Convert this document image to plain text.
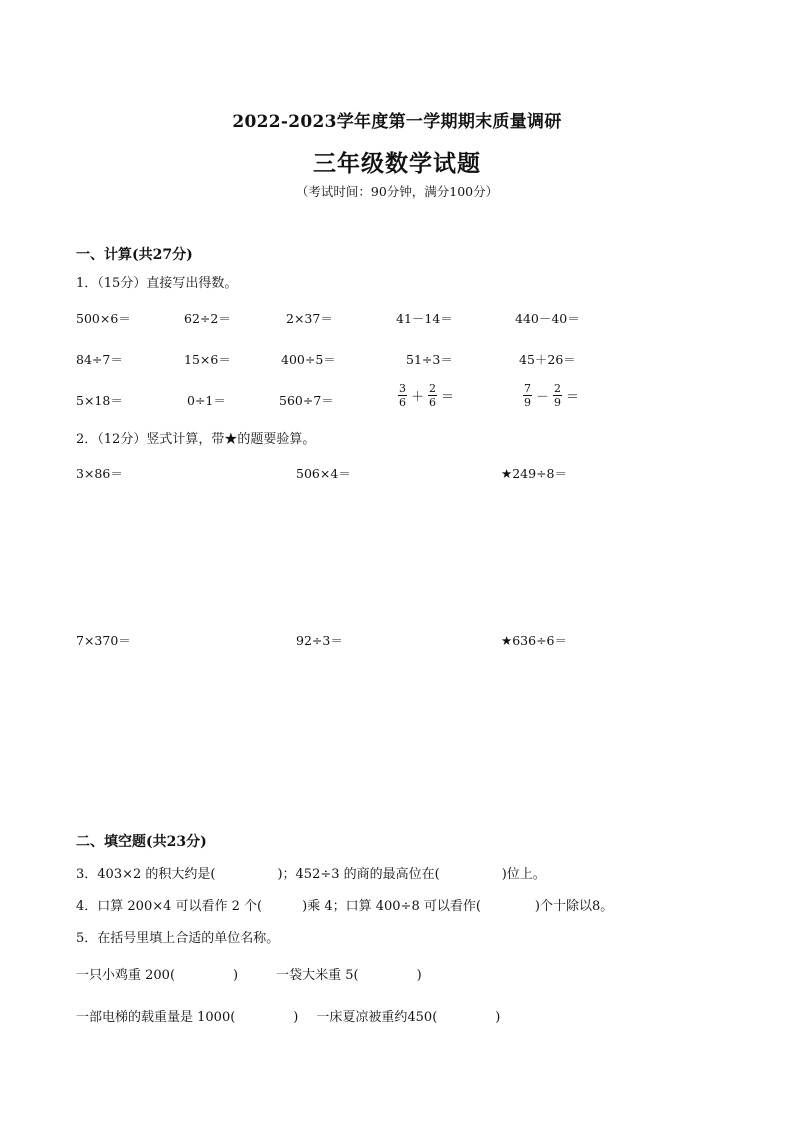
2022-2023学年度第一学期期末质量调研
三年级数学试题
（考试时间：90分钟，满分100分）
一、计算(共27分)
1．（15分）直接写出得数。
500×6＝	62÷2＝	2×37＝	41－14＝	440－40＝
84÷7＝	15×6＝	400÷5＝	51÷3＝	45＋26＝
5×18＝	0÷1＝	560÷7＝	$\frac{3}{6} + \frac{2}{6}$ ＝	$\frac{7}{9} - \frac{2}{9}$ ＝
2．（12分）竖式计算，带★的题要验算。
3×86＝	506×4＝	★249÷8＝
7×370＝	92÷3＝	★636÷6＝
二、填空题(共23分)
3．403×2 的积大约是(	)；452÷3 的商的最高位在(	)位上。
4．口算 200×4 可以看作 2 个(	)乘 4；口算 400÷8 可以看作(	)个十除以8。
5．在括号里填上合适的单位名称。
一只小鸡重 200(	)	一袋大米重 5(	)
一部电梯的载重量是 1000(	) 一床夏凉被重约450(	)
